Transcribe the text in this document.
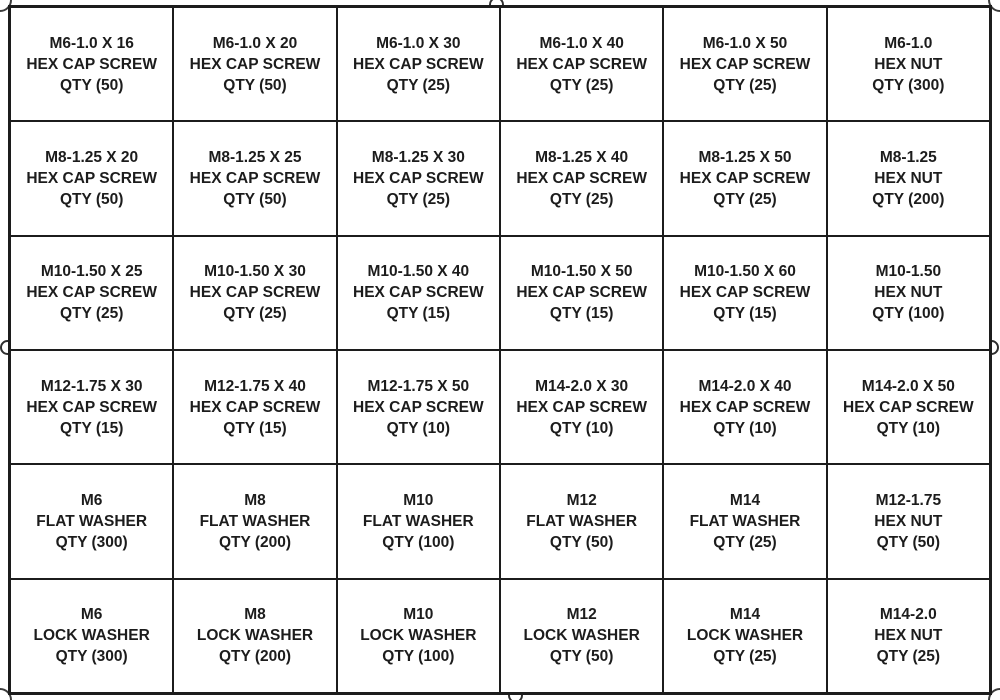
M6-1.0 X 16
HEX CAP SCREW
QTY (50)
M6-1.0 X 20
HEX CAP SCREW
QTY (50)
M6-1.0 X 30
HEX CAP SCREW
QTY (25)
M6-1.0 X 40
HEX CAP SCREW
QTY (25)
M6-1.0 X 50
HEX CAP SCREW
QTY (25)
M6-1.0
HEX NUT
QTY (300)
M8-1.25 X 20
HEX CAP SCREW
QTY (50)
M8-1.25 X 25
HEX CAP SCREW
QTY (50)
M8-1.25 X 30
HEX CAP SCREW
QTY (25)
M8-1.25 X 40
HEX CAP SCREW
QTY (25)
M8-1.25 X 50
HEX CAP SCREW
QTY (25)
M8-1.25
HEX NUT
QTY (200)
M10-1.50 X 25
HEX CAP SCREW
QTY (25)
M10-1.50 X 30
HEX CAP SCREW
QTY (25)
M10-1.50 X 40
HEX CAP SCREW
QTY (15)
M10-1.50 X 50
HEX CAP SCREW
QTY (15)
M10-1.50 X 60
HEX CAP SCREW
QTY (15)
M10-1.50
HEX NUT
QTY (100)
M12-1.75 X 30
HEX CAP SCREW
QTY (15)
M12-1.75 X 40
HEX CAP SCREW
QTY (15)
M12-1.75 X 50
HEX CAP SCREW
QTY (10)
M14-2.0 X 30
HEX CAP SCREW
QTY (10)
M14-2.0 X 40
HEX CAP SCREW
QTY (10)
M14-2.0 X 50
HEX CAP SCREW
QTY (10)
M6
FLAT WASHER
QTY (300)
M8
FLAT WASHER
QTY (200)
M10
FLAT WASHER
QTY (100)
M12
FLAT WASHER
QTY (50)
M14
FLAT WASHER
QTY (25)
M12-1.75
HEX NUT
QTY (50)
M6
LOCK WASHER
QTY (300)
M8
LOCK WASHER
QTY (200)
M10
LOCK WASHER
QTY (100)
M12
LOCK WASHER
QTY (50)
M14
LOCK WASHER
QTY (25)
M14-2.0
HEX NUT
QTY (25)
